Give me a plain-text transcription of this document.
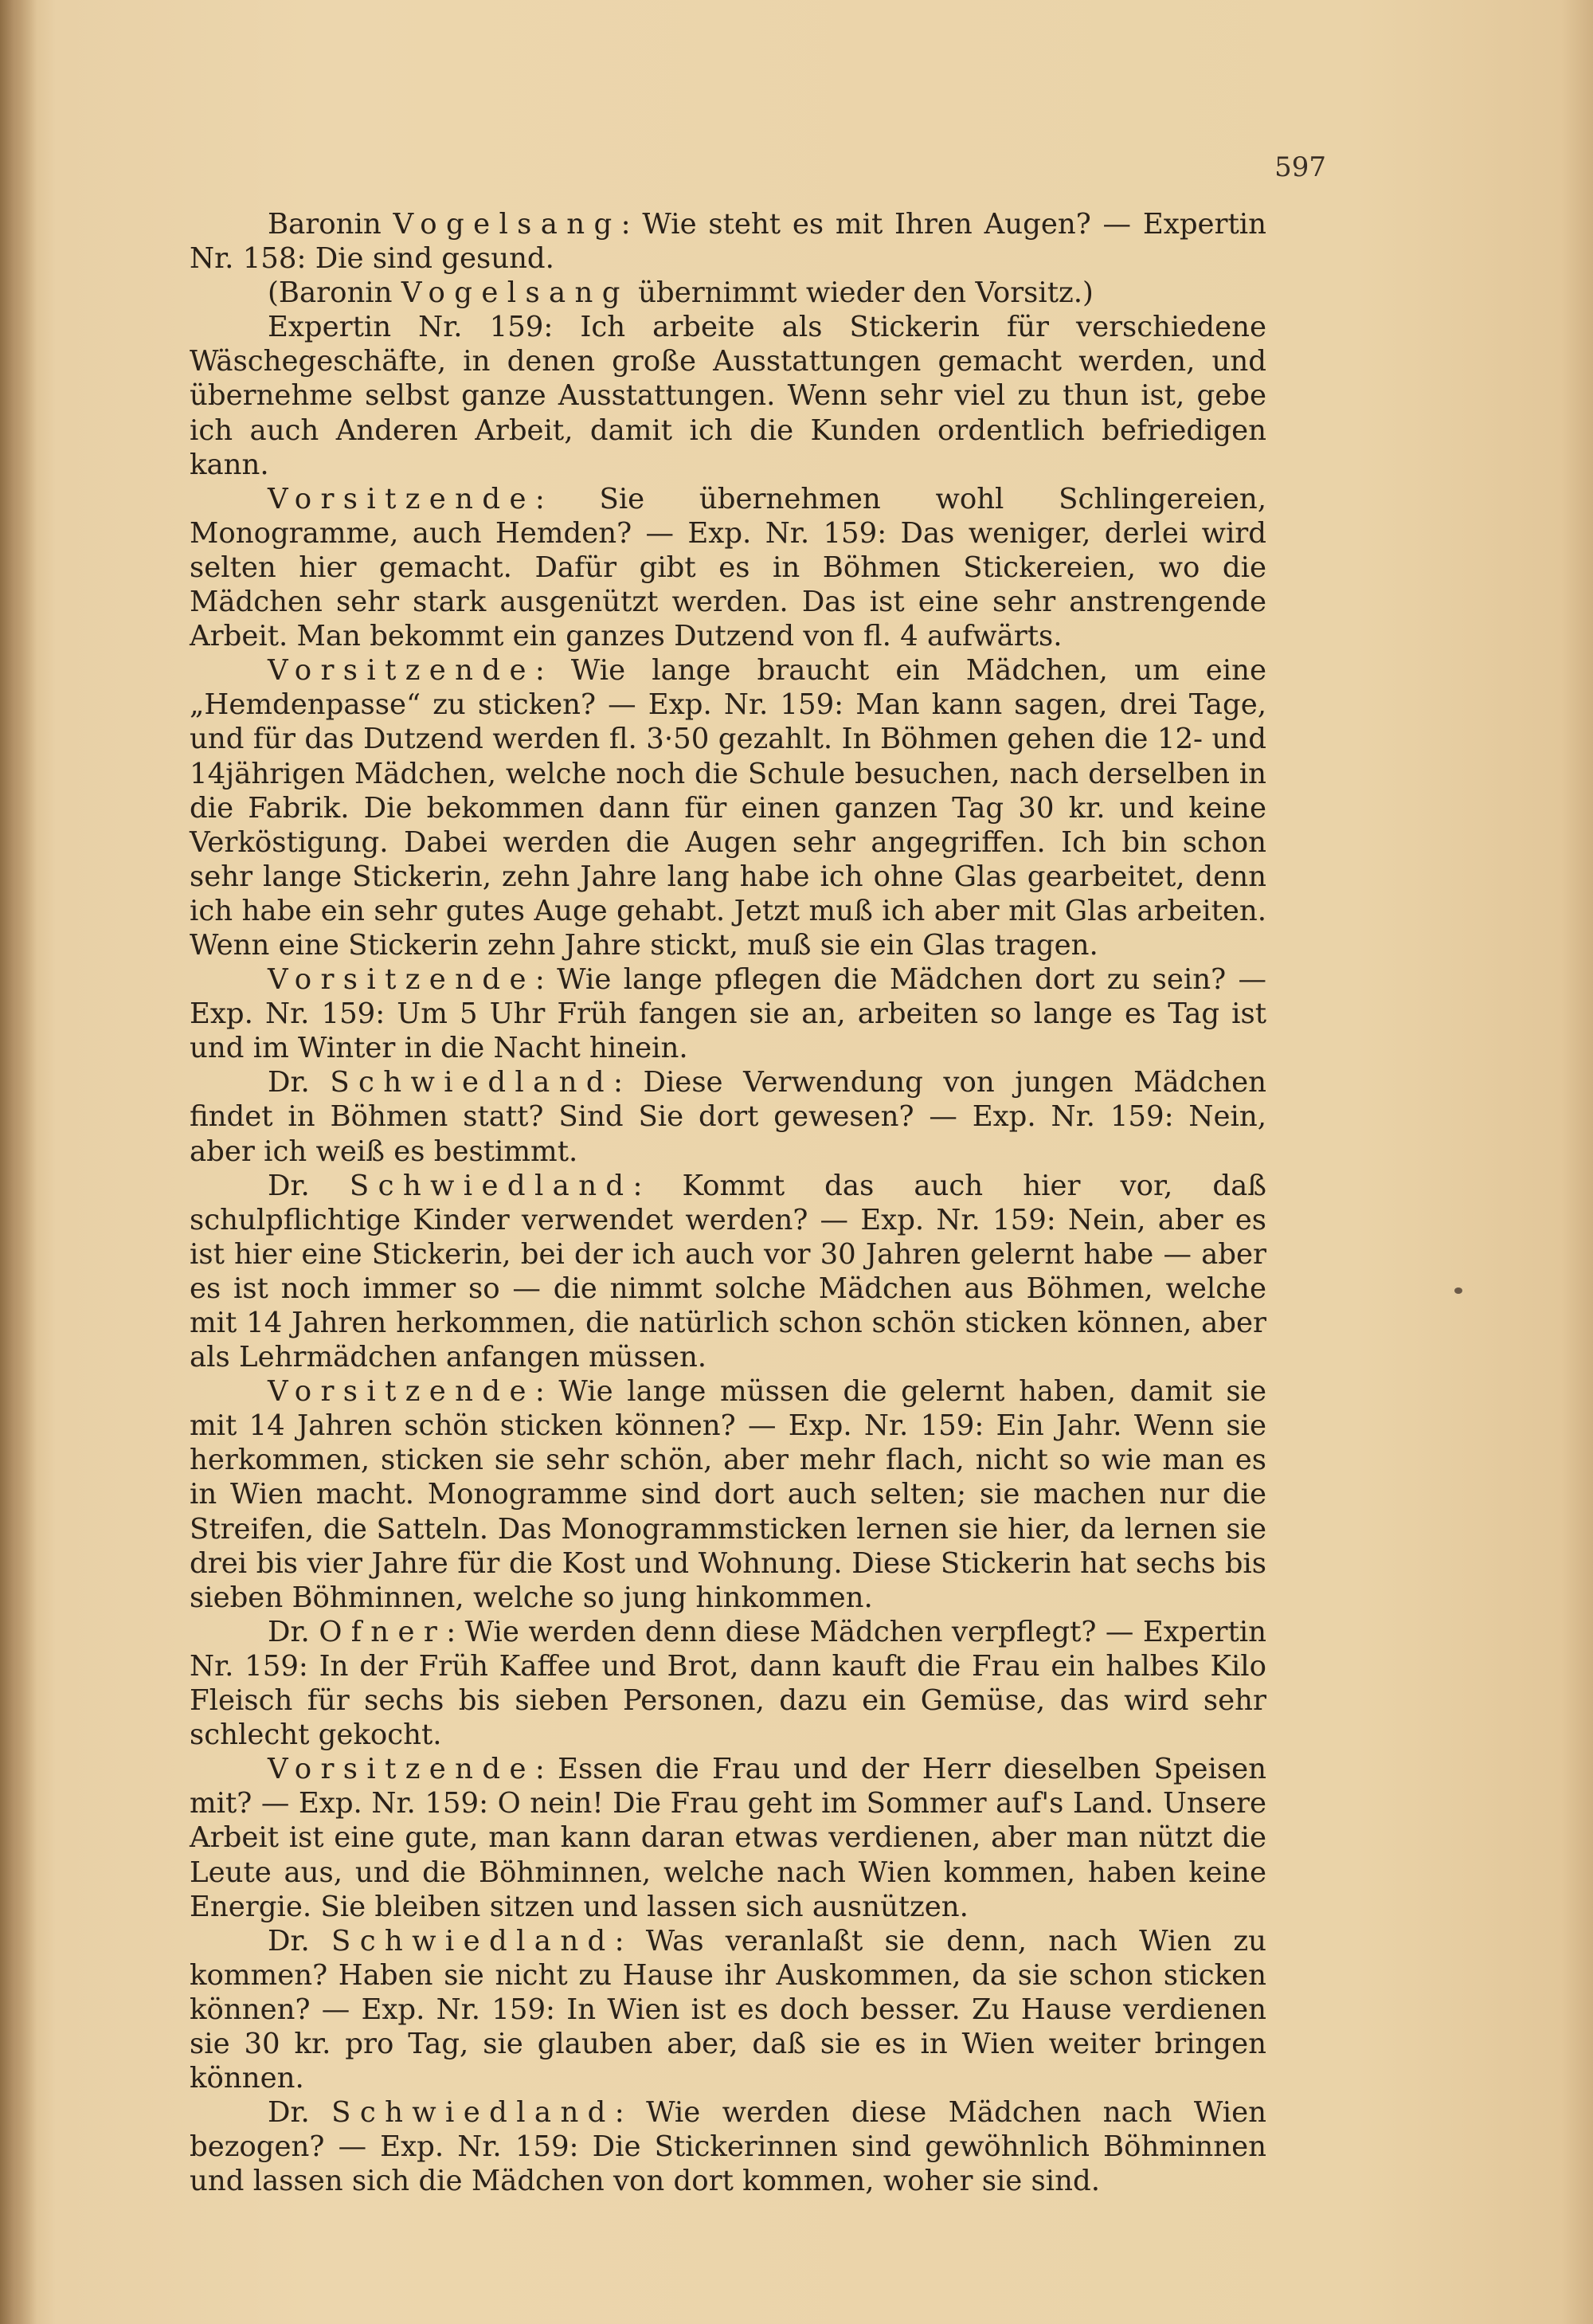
597

Baronin Vogelsang: Wie steht es mit Ihren Augen? — Expertin Nr. 158: Die sind gesund.

(Baronin Vogelsang übernimmt wieder den Vorsitz.)

Expertin Nr. 159: Ich arbeite als Stickerin für verschiedene Wäschegeschäfte, in denen große Ausstattungen gemacht werden, und übernehme selbst ganze Ausstattungen. Wenn sehr viel zu thun ist, gebe ich auch Anderen Arbeit, damit ich die Kunden ordentlich befriedigen kann.

Vorsitzende: Sie übernehmen wohl Schlingereien, Monogramme, auch Hemden? — Exp. Nr. 159: Das weniger, derlei wird selten hier gemacht. Dafür gibt es in Böhmen Stickereien, wo die Mädchen sehr stark ausgenützt werden. Das ist eine sehr anstrengende Arbeit. Man bekommt ein ganzes Dutzend von fl. 4 aufwärts.

Vorsitzende: Wie lange braucht ein Mädchen, um eine „Hemdenpasse“ zu sticken? — Exp. Nr. 159: Man kann sagen, drei Tage, und für das Dutzend werden fl. 3·50 gezahlt. In Böhmen gehen die 12- und 14jährigen Mädchen, welche noch die Schule besuchen, nach derselben in die Fabrik. Die bekommen dann für einen ganzen Tag 30 kr. und keine Verköstigung. Dabei werden die Augen sehr angegriffen. Ich bin schon sehr lange Stickerin, zehn Jahre lang habe ich ohne Glas gearbeitet, denn ich habe ein sehr gutes Auge gehabt. Jetzt muß ich aber mit Glas arbeiten. Wenn eine Stickerin zehn Jahre stickt, muß sie ein Glas tragen.

Vorsitzende: Wie lange pflegen die Mädchen dort zu sein? — Exp. Nr. 159: Um 5 Uhr Früh fangen sie an, arbeiten so lange es Tag ist und im Winter in die Nacht hinein.

Dr. Schwiedland: Diese Verwendung von jungen Mädchen findet in Böhmen statt? Sind Sie dort gewesen? — Exp. Nr. 159: Nein, aber ich weiß es bestimmt.

Dr. Schwiedland: Kommt das auch hier vor, daß schulpflichtige Kinder verwendet werden? — Exp. Nr. 159: Nein, aber es ist hier eine Stickerin, bei der ich auch vor 30 Jahren gelernt habe — aber es ist noch immer so — die nimmt solche Mädchen aus Böhmen, welche mit 14 Jahren herkommen, die natürlich schon schön sticken können, aber als Lehrmädchen anfangen müssen.

Vorsitzende: Wie lange müssen die gelernt haben, damit sie mit 14 Jahren schön sticken können? — Exp. Nr. 159: Ein Jahr. Wenn sie herkommen, sticken sie sehr schön, aber mehr flach, nicht so wie man es in Wien macht. Monogramme sind dort auch selten; sie machen nur die Streifen, die Satteln. Das Monogrammsticken lernen sie hier, da lernen sie drei bis vier Jahre für die Kost und Wohnung. Diese Stickerin hat sechs bis sieben Böhminnen, welche so jung hinkommen.

Dr. Ofner: Wie werden denn diese Mädchen verpflegt? — Expertin Nr. 159: In der Früh Kaffee und Brot, dann kauft die Frau ein halbes Kilo Fleisch für sechs bis sieben Personen, dazu ein Gemüse, das wird sehr schlecht gekocht.

Vorsitzende: Essen die Frau und der Herr dieselben Speisen mit? — Exp. Nr. 159: O nein! Die Frau geht im Sommer auf's Land. Unsere Arbeit ist eine gute, man kann daran etwas verdienen, aber man nützt die Leute aus, und die Böhminnen, welche nach Wien kommen, haben keine Energie. Sie bleiben sitzen und lassen sich ausnützen.

Dr. Schwiedland: Was veranlaßt sie denn, nach Wien zu kommen? Haben sie nicht zu Hause ihr Auskommen, da sie schon sticken können? — Exp. Nr. 159: In Wien ist es doch besser. Zu Hause verdienen sie 30 kr. pro Tag, sie glauben aber, daß sie es in Wien weiter bringen können.

Dr. Schwiedland: Wie werden diese Mädchen nach Wien bezogen? — Exp. Nr. 159: Die Stickerinnen sind gewöhnlich Böhminnen und lassen sich die Mädchen von dort kommen, woher sie sind.
